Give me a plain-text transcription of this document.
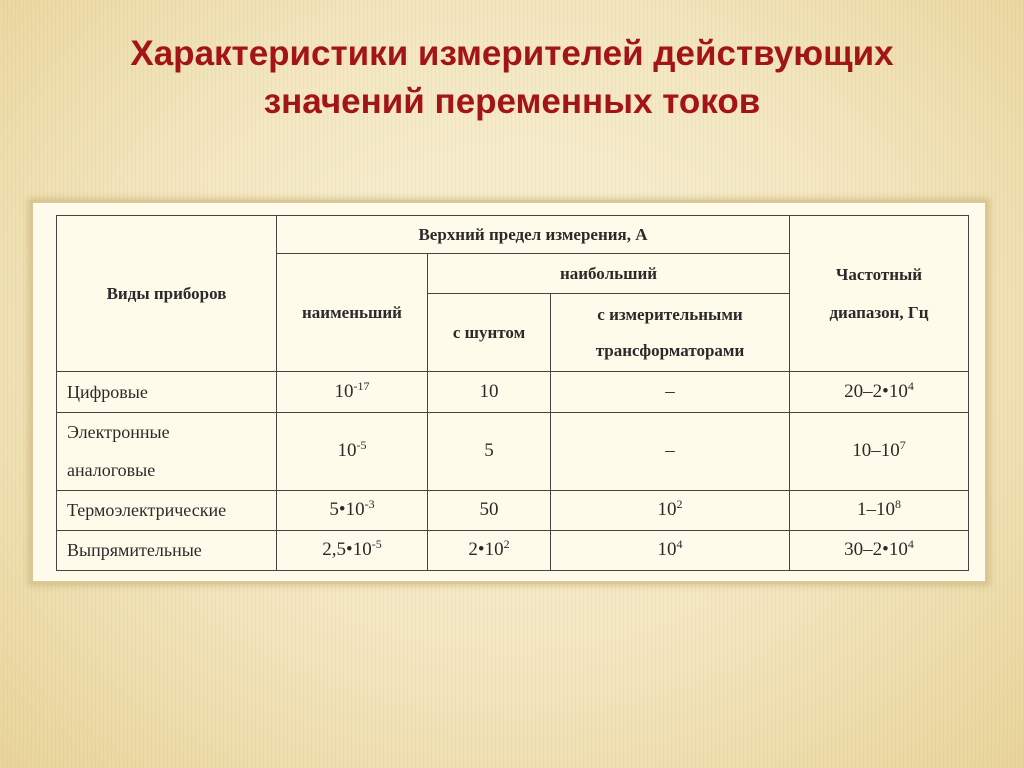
Характеристики измерителей действующих
значений переменных токов
Виды приборов	Верхний предел измерения, А			Частотный
диапазон, Гц

	наименьший	наибольший		
		с шунтом	с измерительными
трансформаторами	

Цифровые	$10^{-17}$	10	–	$20-2•10^4$

Электронные
аналоговые	$10^{-5}$	5	–	$10-10^7$
Термоэлектрические	$5•10^{-3}$	50	$10^2$	$1-10^8$
Выпрямительные	$2,5•10^{-5}$	$2•10^2$	$10^4$	$30-2•10^4$
